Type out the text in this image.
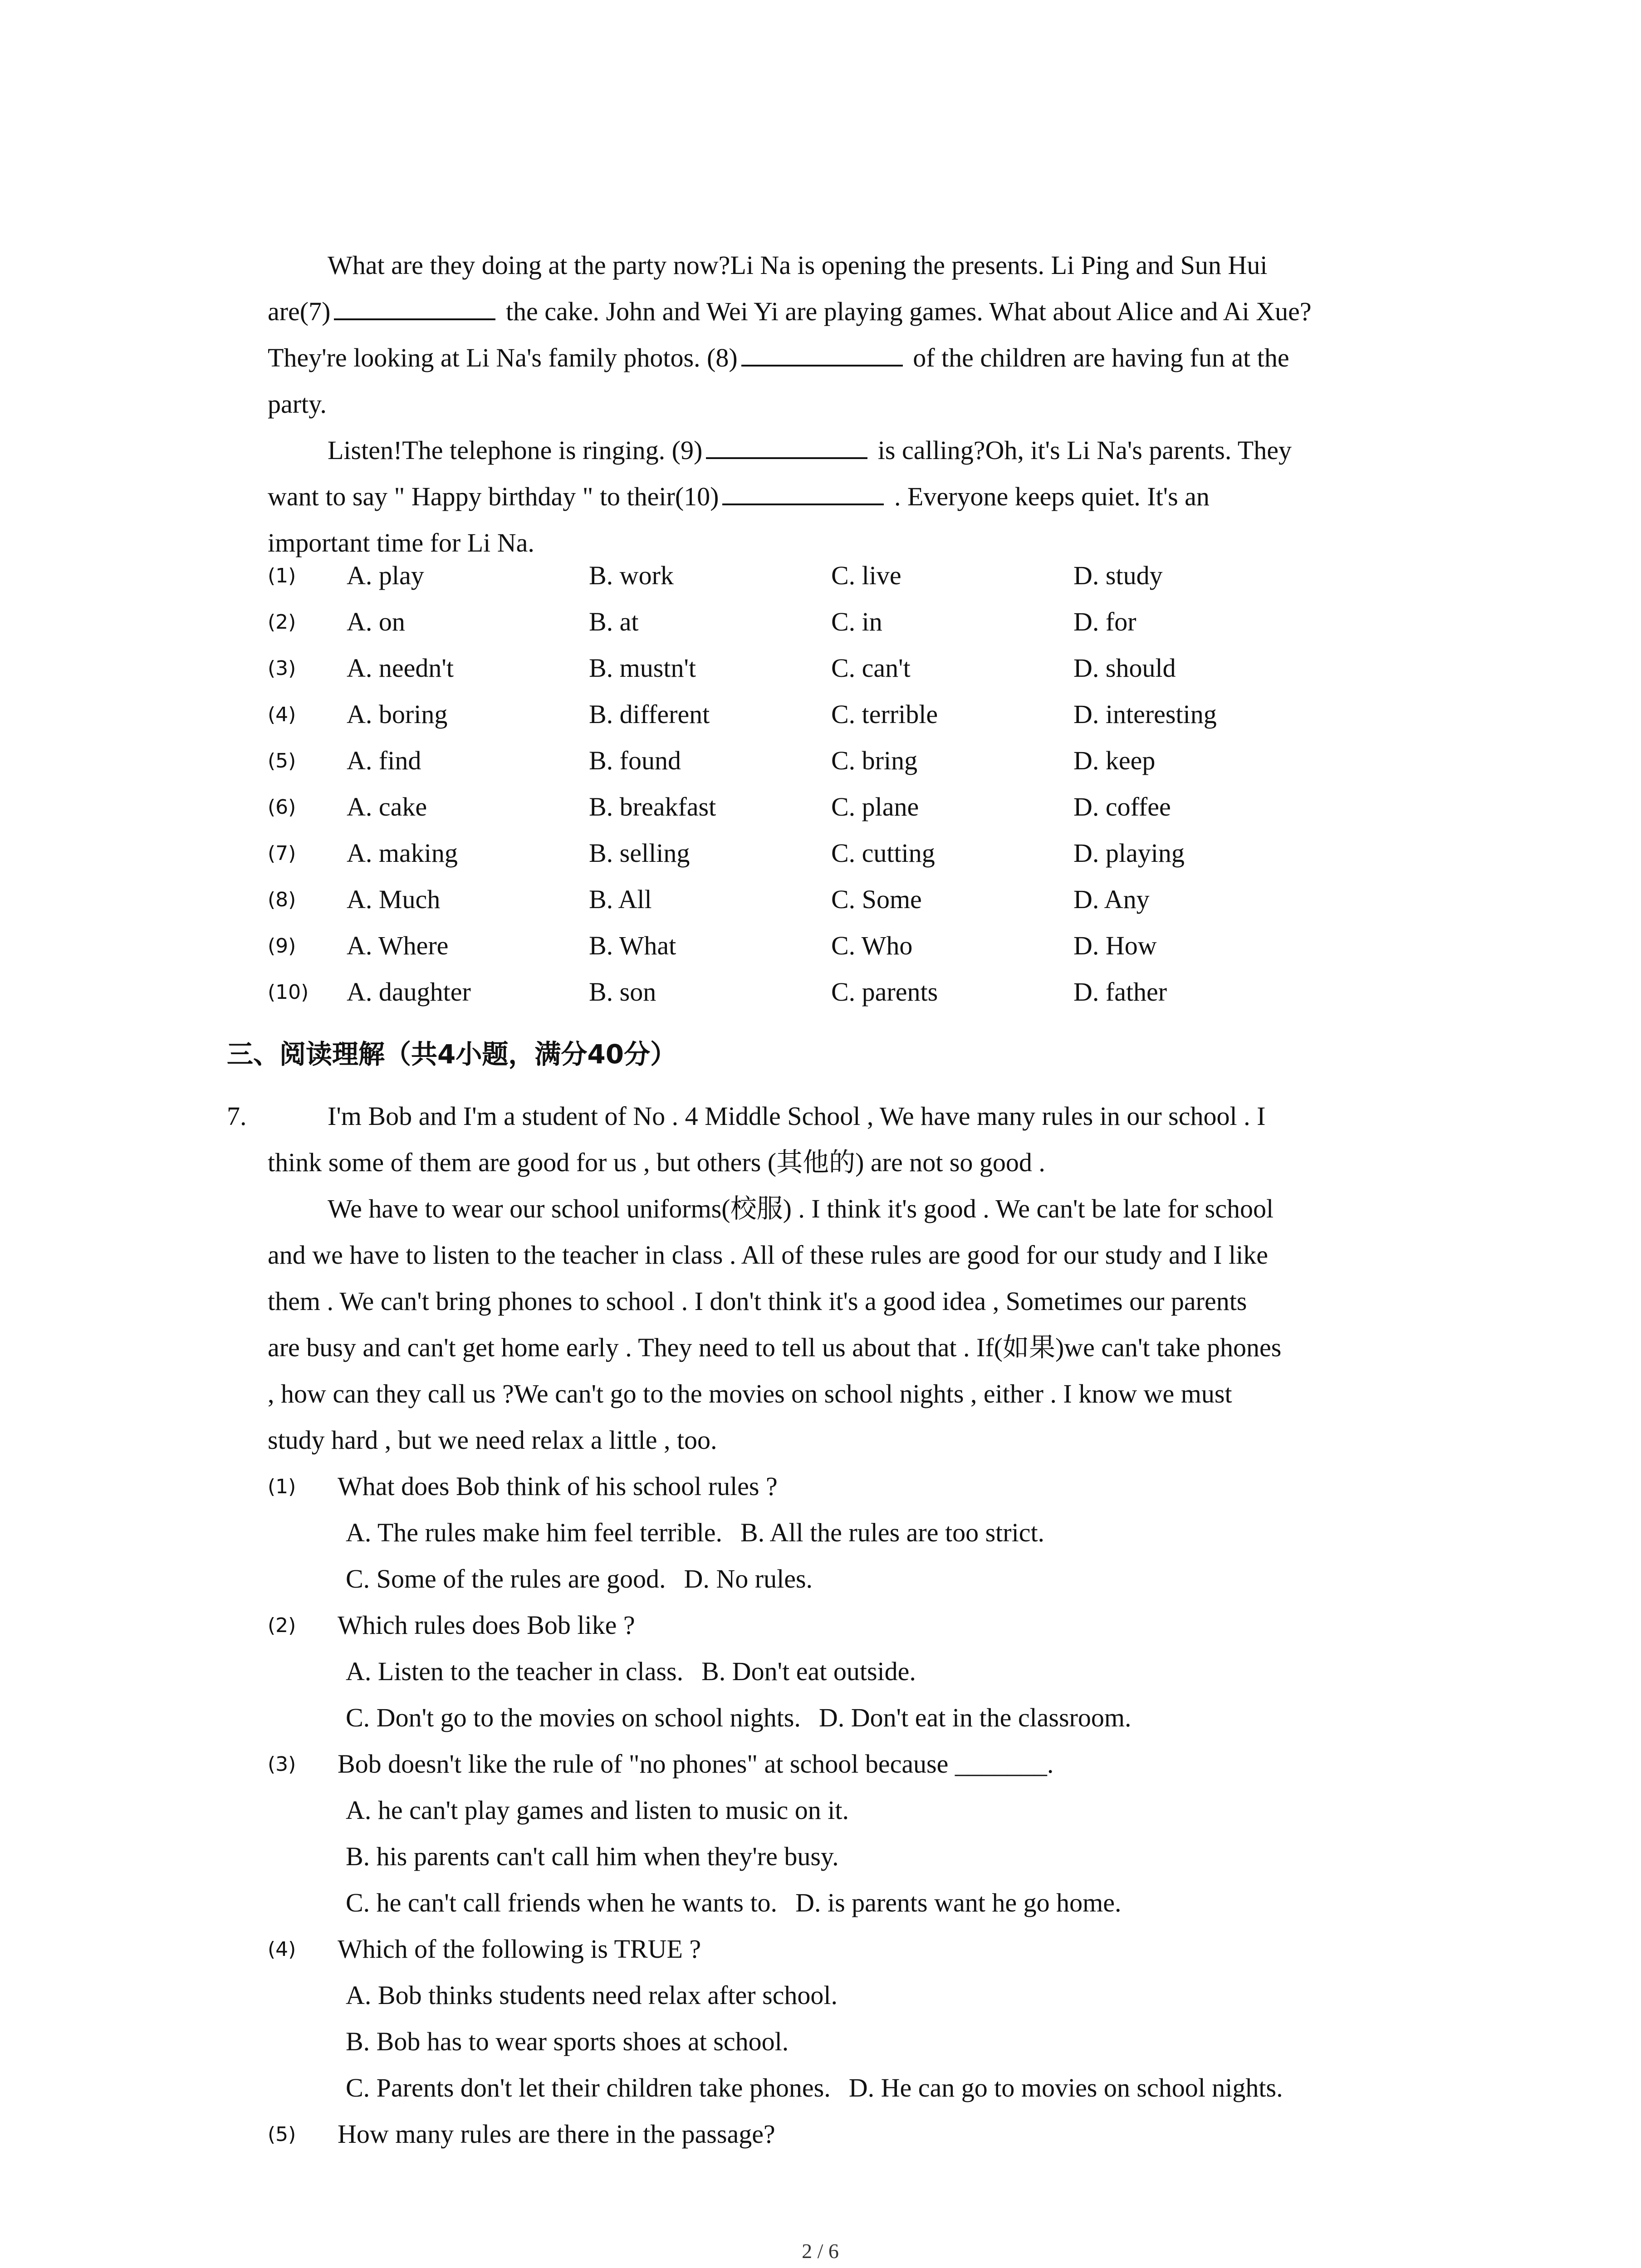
What are they doing at the party now?Li Na is opening the presents. Li Ping and Sun Hui

are(7)	the cake. John and Wei Yi are playing games. What about Alice and Ai Xue?

They're looking at Li Na's family photos. (8)	of the children are having fun at the

party.

Listen!The telephone is ringing. (9)	is calling?Oh, it's Li Na's parents. They

want to say " Happy birthday " to their(10)	. Everyone keeps quiet. It's an

important time for Li Na.

(1)	A. play	B. work	C. live	D. study
(2)	A. on	B. at	C. in	D. for
(3)	A. needn't	B. mustn't	C. can't	D. should
(4)	A. boring	B. different	C. terrible	D. interesting
(5)	A. find	B. found	C. bring	D. keep
(6)	A. cake	B. breakfast	C. plane	D. coffee
(7)	A. making	B. selling	C. cutting	D. playing
(8)	A. Much	B. All	C. Some	D. Any
(9)	A. Where	B. What	C. Who	D. How
(10)	A. daughter	B. son	C. parents	D. father
三、阅读理解（共4小题，满分40分）
7.	I'm Bob and I'm a student of No . 4 Middle School , We have many rules in our school . I

think some of them are good for us , but others (其他的) are not so good .

We have to wear our school uniforms(校服) . I think it's good . We can't be late for school

and we have to listen to the teacher in class . All of these rules are good for our study and I like

them . We can't bring phones to school . I don't think it's a good idea , Sometimes our parents

are busy and can't get home early . They need to tell us about that . If(如果)we can't take phones

, how can they call us ?We can't go to the movies on school nights , either . I know we must

study hard , but we need relax a little , too.

(1)	What does Bob think of his school rules ?
A. The rules make him feel terrible. B. All the rules are too strict.
C. Some of the rules are good. D. No rules.
(2)	Which rules does Bob like ?
A. Listen to the teacher in class. B. Don't eat outside.
C. Don't go to the movies on school nights. D. Don't eat in the classroom.
(3)	Bob doesn't like the rule of "no phones" at school because _______.
A. he can't play games and listen to music on it.
B. his parents can't call him when they're busy.
C. he can't call friends when he wants to. D. is parents want he go home.
(4)	Which of the following is TRUE ?
A. Bob thinks students need relax after school.
B. Bob has to wear sports shoes at school.
C. Parents don't let their children take phones. D. He can go to movies on school nights.
(5)	How many rules are there in the passage?
2 / 6
